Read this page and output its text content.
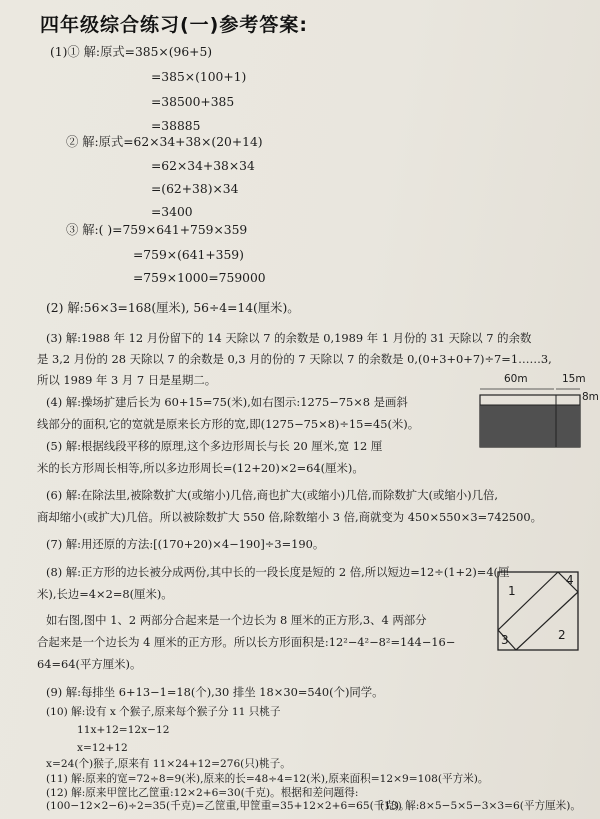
四年级综合练习(一)参考答案:
(1)① 解:原式=385×(96+5)
=385×(100+1)
=38500+385
=38885
② 解:原式=62×34+38×(20+14)
=62×34+38×34
=(62+38)×34
=3400
③ 解:( )=759×641+759×359
=759×(641+359)
=759×1000=759000
(2) 解:56×3=168(厘米), 56÷4=14(厘米)。
(3) 解:1988 年 12 月份留下的 14 天除以 7 的余数是 0,1989 年 1 月份的 31 天除以 7 的余数
是 3,2 月份的 28 天除以 7 的余数是 0,3 月的份的 7 天除以 7 的余数是 0,(0+3+0+7)÷7=1……3,
所以 1989 年 3 月 7 日是星期二。
(4) 解:操场扩建后长为 60+15=75(米),如右图示:1275−75×8 是画斜
线部分的面积,它的宽就是原来长方形的宽,即(1275−75×8)÷15=45(米)。
(5) 解:根据线段平移的原理,这个多边形周长与长 20 厘米,宽 12 厘
米的长方形周长相等,所以多边形周长=(12+20)×2=64(厘米)。
(6) 解:在除法里,被除数扩大(或缩小)几倍,商也扩大(或缩小)几倍,而除数扩大(或缩小)几倍,
商却缩小(或扩大)几倍。所以被除数扩大 550 倍,除数缩小 3 倍,商就变为 450×550×3=742500。
(7) 解:用还原的方法:[(170+20)×4−190]÷3=190。
(8) 解:正方形的边长被分成两份,其中长的一段长度是短的 2 倍,所以短边=12÷(1+2)=4(厘
米),长边=4×2=8(厘米)。
如右图,图中 1、2 两部分合起来是一个边长为 8 厘米的正方形,3、4 两部分
合起来是一个边长为 4 厘米的正方形。所以长方形面积是:12²−4²−8²=144−16−
64=64(平方厘米)。
(9) 解:每排坐 6+13−1=18(个),30 排坐 18×30=540(个)同学。
(10) 解:设有 x 个猴子,原来每个猴子分 11 只桃子
11x+12=12x−12
x=12+12
x=24(个)猴子,原来有 11×24+12=276(只)桃子。
(11) 解:原来的宽=72÷8=9(米),原来的长=48÷4=12(米),原来面积=12×9=108(平方米)。
(12) 解:原来甲筐比乙筐重:12×2+6=30(千克)。根据和差问题得:
(100−12×2−6)÷2=35(千克)=乙筐重,甲筐重=35+12×2+6=65(千克)。
(13) 解:8×5−5×5−3×3=6(平方厘米)。
60m	15m
8m
1
4
3	2
